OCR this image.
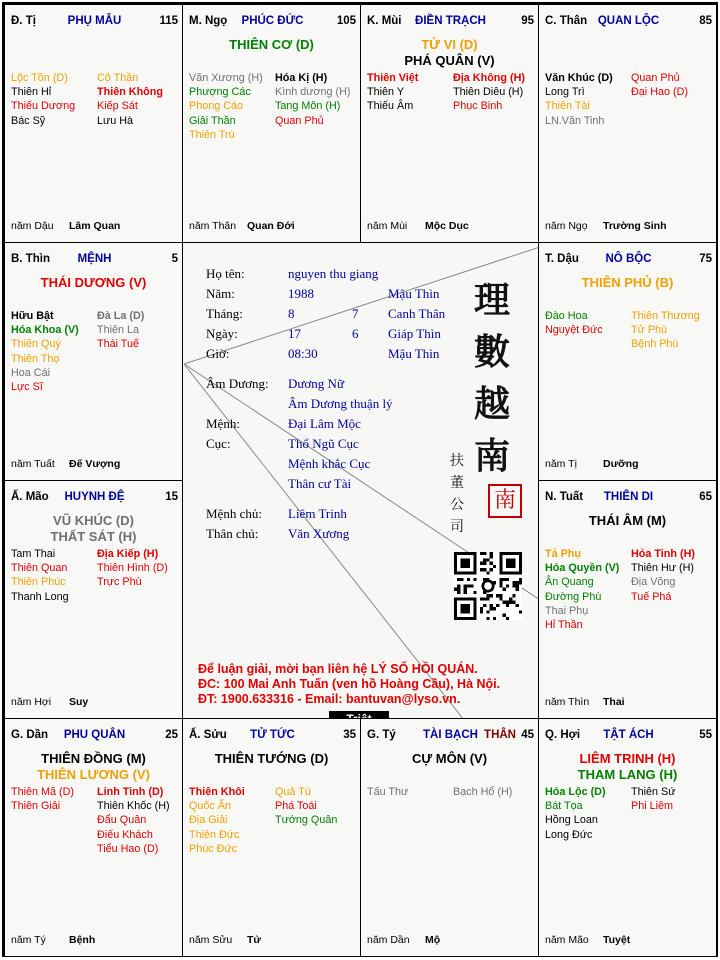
Họ tên:	nguyen thu giang
Năm:	1988	Mậu Thìn
Tháng:	8	7 Canh Thân
Ngày:	17	6 Giáp Thìn
Giờ:	08:30	Mậu Thìn
Âm Dương: Dương Nữ
Âm Dương thuận lý
Mệnh:	Đại Lâm Mộc
Cục:	Thổ Ngũ Cục
Mệnh khắc Cục
Thân cư Tài
Mệnh chủ: Liêm Trinh
Thân chủ: Văn Xương
理
數
越
南
扶
董
公
司
南
Để luận giải, mời bạn liên hệ LÝ SỐ HỒI QUÁN.
ĐC: 100 Mai Anh Tuấn (ven hồ Hoàng Cầu), Hà Nội.
ĐT: 1900.633316 - Email: bantuvan@lyso.vn.
Đ. Tị	PHỤ MẪU	115
Lộc Tồn (D)
Thiên Hỉ
Thiếu Dương
Bác Sỹ
Cô Thần
Thiên Không
Kiếp Sát
Lưu Hà
năm Dậu Lâm Quan
M. Ngọ	PHÚC ĐỨC	105
THIÊN CƠ (D)
Văn Xương (H)
Phượng Các
Phong Cáo
Giải Thần
Thiên Trù
Hóa Kị (H)
Kình dương (H)
Tang Môn (H)
Quan Phủ
năm Thân Quan Đới
K. Mùi	ĐIỀN TRẠCH	95
TỬ VI (D)
PHÁ QUÂN (V)
Thiên Việt
Thiên Y
Thiếu Âm
Địa Không (H)
Thiên Diêu (H)
Phục Binh
năm Mùi Mộc Dục
C. Thân QUAN LỘC	85
Văn Khúc (D)
Long Trì
Thiên Tài
LN.Văn Tinh
Quan Phủ
Đại Hao (D)
năm Ngọ Trường Sinh
B. Thìn	MỆNH	5
THÁI DƯƠNG (V)
Hữu Bật
Hóa Khoa (V)
Thiên Quý
Thiên Thọ
Hoa Cái
Lực Sĩ
Đà La (D)
Thiên La
Thái Tuế
năm Tuất Đế Vượng
T. Dậu	NÔ BỘC	75
THIÊN PHỦ (B)
Đào Hoa
Nguyệt Đức
Thiên Thương
Tử Phù
Bệnh Phù
năm Tị Dưỡng
Ấ. Mão	HUYNH ĐỆ	15
VŨ KHÚC (D)
THẤT SÁT (H)
Tam Thai
Thiên Quan
Thiên Phúc
Thanh Long
Địa Kiếp (H)
Thiên Hình (D)
Trực Phù
năm Hợi Suy
N. Tuất	THIÊN DI	65
THÁI ÂM (M)
Tả Phụ
Hóa Quyền (V)
Ân Quang
Đường Phù
Thai Phụ
Hỉ Thần
Hỏa Tinh (H)
Thiên Hư (H)
Địa Võng
Tuế Phá
năm Thìn Thai
G. Dần	PHU QUÂN	25
THIÊN ĐỒNG (M)
THIÊN LƯƠNG (V)
Thiên Mã (D)
Thiên Giải
Linh Tinh (D)
Thiên Khốc (H)
Đẩu Quân
Điếu Khách
Tiểu Hao (D)
năm Tý Bệnh
Ấ. Sửu	TỬ TỨC	35
THIÊN TƯỚNG (D)
Thiên Khôi
Quốc Ấn
Địa Giải
Thiên Đức
Phúc Đức
Quả Tú
Phá Toái
Tướng Quân
năm Sửu Tử
G. Tý	TÀI BẠCH THÂN 45
CỰ MÔN (V)
Tấu Thư	Bạch Hổ (H)
năm Dần Mộ
Q. Hợi	TẬT ÁCH	55
LIÊM TRINH (H)
THAM LANG (H)
Hóa Lộc (D)
Bát Tọa
Hồng Loan
Long Đức
Thiên Sứ
Phi Liêm
năm Mão Tuyệt
